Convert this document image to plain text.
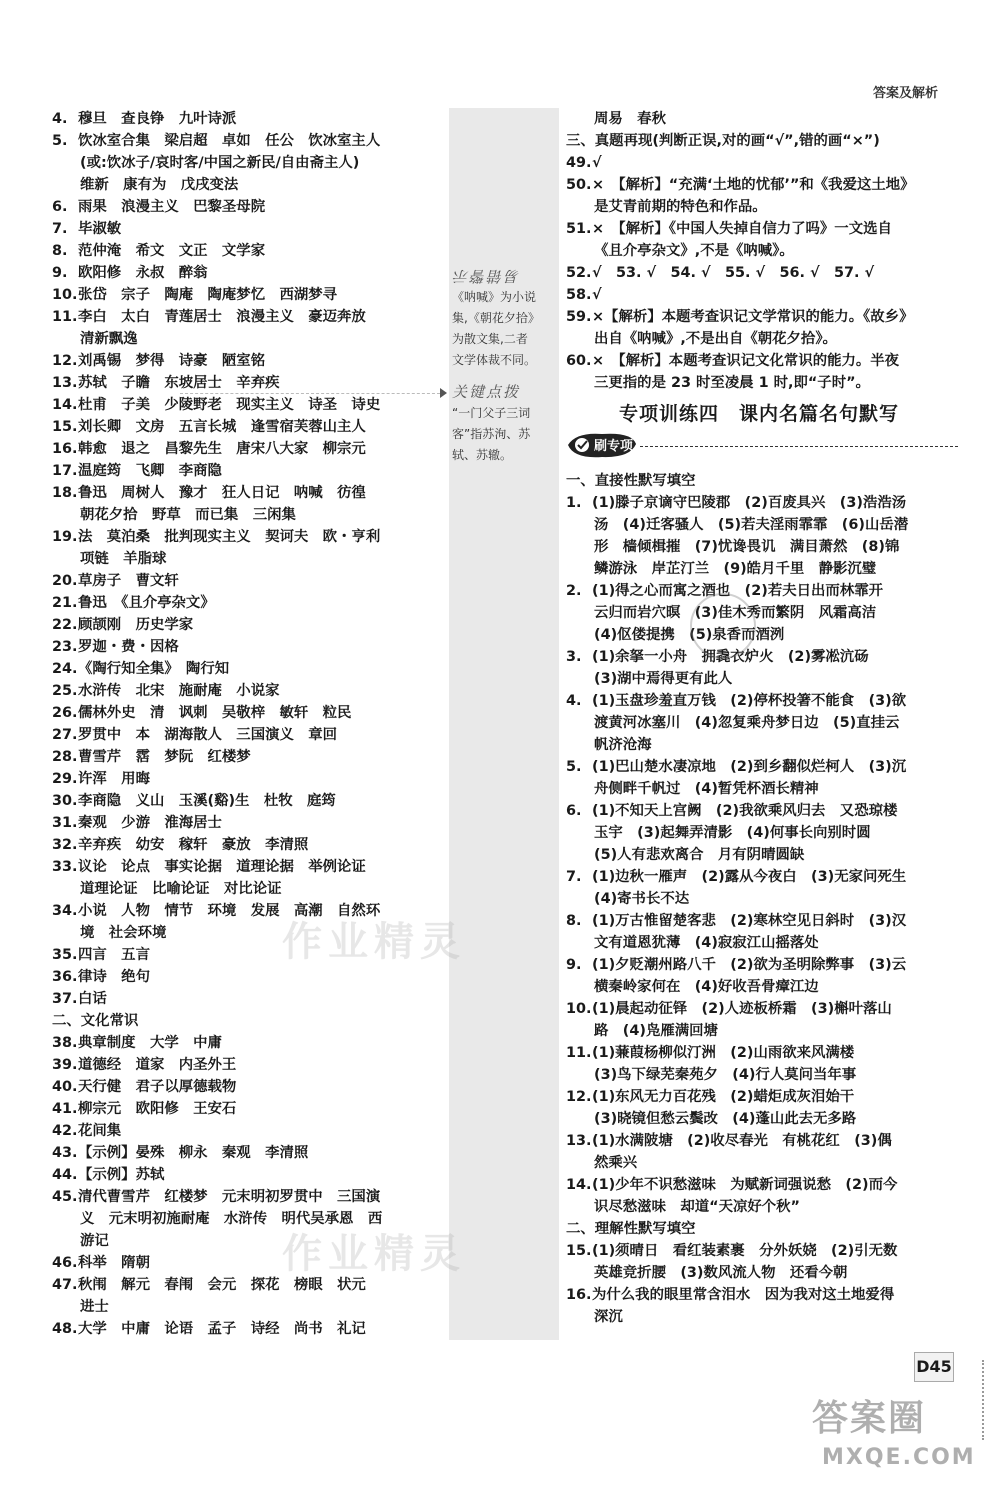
答案及解析
易错警示
《呐喊》为小说
集,《朝花夕拾》
为散文集,二者
文学体裁不同。
关键点拨
“一门父子三词
客”指苏洵、苏
轼、苏辙。
4. 穆旦　查良铮　九叶诗派
5. 饮冰室合集　梁启超　卓如　任公　饮冰室主人
(或:饮冰子/哀时客/中国之新民/自由斋主人)
维新　康有为　戊戌变法
6. 雨果　浪漫主义　巴黎圣母院
7. 毕淑敏
8. 范仲淹　希文　文正　文学家
9. 欧阳修　永叔　醉翁
10.张岱　宗子　陶庵　陶庵梦忆　西湖梦寻
11.李白　太白　青莲居士　浪漫主义　豪迈奔放
清新飘逸
12.刘禹锡　梦得　诗豪　陋室铭
13.苏轼　子瞻　东坡居士　辛弃疾
14.杜甫　子美　少陵野老　现实主义　诗圣　诗史
15.刘长卿　文房　五言长城　逢雪宿芙蓉山主人
16.韩愈　退之　昌黎先生　唐宋八大家　柳宗元
17.温庭筠　飞卿　李商隐
18.鲁迅　周树人　豫才　狂人日记　呐喊　彷徨
朝花夕拾　野草　而已集　三闲集
19.法　莫泊桑　批判现实主义　契诃夫　欧・亨利
项链　羊脂球
20.草房子　曹文轩
21.鲁迅　《且介亭杂文》
22.顾颉刚　历史学家
23.罗迦・费・因格
24.《陶行知全集》　陶行知
25.水浒传　北宋　施耐庵　小说家
26.儒林外史　清　讽刺　吴敬梓　敏轩　粒民
27.罗贯中　本　湖海散人　三国演义　章回
28.曹雪芹　霑　梦阮　红楼梦
29.许浑　用晦
30.李商隐　义山　玉溪(谿)生　杜牧　庭筠
31.秦观　少游　淮海居士
32.辛弃疾　幼安　稼轩　豪放　李清照
33.议论　论点　事实论据　道理论据　举例论证
道理论证　比喻论证　对比论证
34.小说　人物　情节　环境　发展　高潮　自然环
境　社会环境
35.四言　五言
36.律诗　绝句
37.白话
二、文化常识
38.典章制度　大学　中庸
39.道德经　道家　内圣外王
40.天行健　君子以厚德载物
41.柳宗元　欧阳修　王安石
42.花间集
43.【示例】晏殊　柳永　秦观　李清照
44.【示例】苏轼
45.清代曹雪芹　红楼梦　元末明初罗贯中　三国演
义　元末明初施耐庵　水浒传　明代吴承恩　西
游记
46.科举　隋朝
47.秋闱　解元　春闱　会元　探花　榜眼　状元
进士
48.大学　中庸　论语　孟子　诗经　尚书　礼记
周易　春秋
三、真题再现(判断正误,对的画“√”,错的画“×”)
49.√
50.×　【解析】“充满‘土地的忧郁’”和《我爱这土地》
是艾青前期的特色和作品。
51.×　【解析】《中国人失掉自信力了吗》一文选自
《且介亭杂文》,不是《呐喊》。
52.√　53. √　54. √　55. √　56. √　57. √
58.√
59.×【解析】本题考查识记文学常识的能力。《故乡》
出自《呐喊》,不是出自《朝花夕拾》。
60.×　【解析】本题考查识记文化常识的能力。半夜
三更指的是 23 时至凌晨 1 时,即“子时”。
专项训练四　课内名篇名句默写
刷专项
一、直接性默写填空
1. (1)滕子京谪守巴陵郡　(2)百废具兴　(3)浩浩汤
汤　(4)迁客骚人　(5)若夫淫雨霏霏　(6)山岳潜
形　樯倾楫摧　(7)忧谗畏讥　满目萧然　(8)锦
鳞游泳　岸芷汀兰　(9)皓月千里　静影沉璧
2. (1)得之心而寓之酒也　(2)若夫日出而林霏开
云归而岩穴暝　(3)佳木秀而繁阴　风霜高洁
(4)伛偻提携　(5)泉香而酒洌
3. (1)余拏一小舟　拥毳衣炉火　(2)雾凇沆砀
(3)湖中焉得更有此人
4. (1)玉盘珍羞直万钱　(2)停杯投箸不能食　(3)欲
渡黄河冰塞川　(4)忽复乘舟梦日边　(5)直挂云
帆济沧海
5. (1)巴山楚水凄凉地　(2)到乡翻似烂柯人　(3)沉
舟侧畔千帆过　(4)暂凭杯酒长精神
6. (1)不知天上宫阙　(2)我欲乘风归去　又恐琼楼
玉宇　(3)起舞弄清影　(4)何事长向别时圆
(5)人有悲欢离合　月有阴晴圆缺
7. (1)边秋一雁声　(2)露从今夜白　(3)无家问死生
(4)寄书长不达
8. (1)万古惟留楚客悲　(2)寒林空见日斜时　(3)汉
文有道恩犹薄　(4)寂寂江山摇落处
9. (1)夕贬潮州路八千　(2)欲为圣明除弊事　(3)云
横秦岭家何在　(4)好收吾骨瘴江边
10.(1)晨起动征铎　(2)人迹板桥霜　(3)槲叶落山
路　(4)凫雁满回塘
11.(1)蒹葭杨柳似汀洲　(2)山雨欲来风满楼
(3)鸟下绿芜秦苑夕　(4)行人莫问当年事
12.(1)东风无力百花残　(2)蜡炬成灰泪始干
(3)晓镜但愁云鬓改　(4)蓬山此去无多路
13.(1)水满陂塘　(2)收尽春光　有桃花红　(3)偶
然乘兴
14.(1)少年不识愁滋味　为赋新词强说愁　(2)而今
识尽愁滋味　却道“天凉好个秋”
二、理解性默写填空
15.(1)须晴日　看红装素裹　分外妖娆　(2)引无数
英雄竞折腰　(3)数风流人物　还看今朝
16.为什么我的眼里常含泪水　因为我对这土地爱得
深沉
作业精灵
作业精灵
D45
答案圈
MXQE.COM
